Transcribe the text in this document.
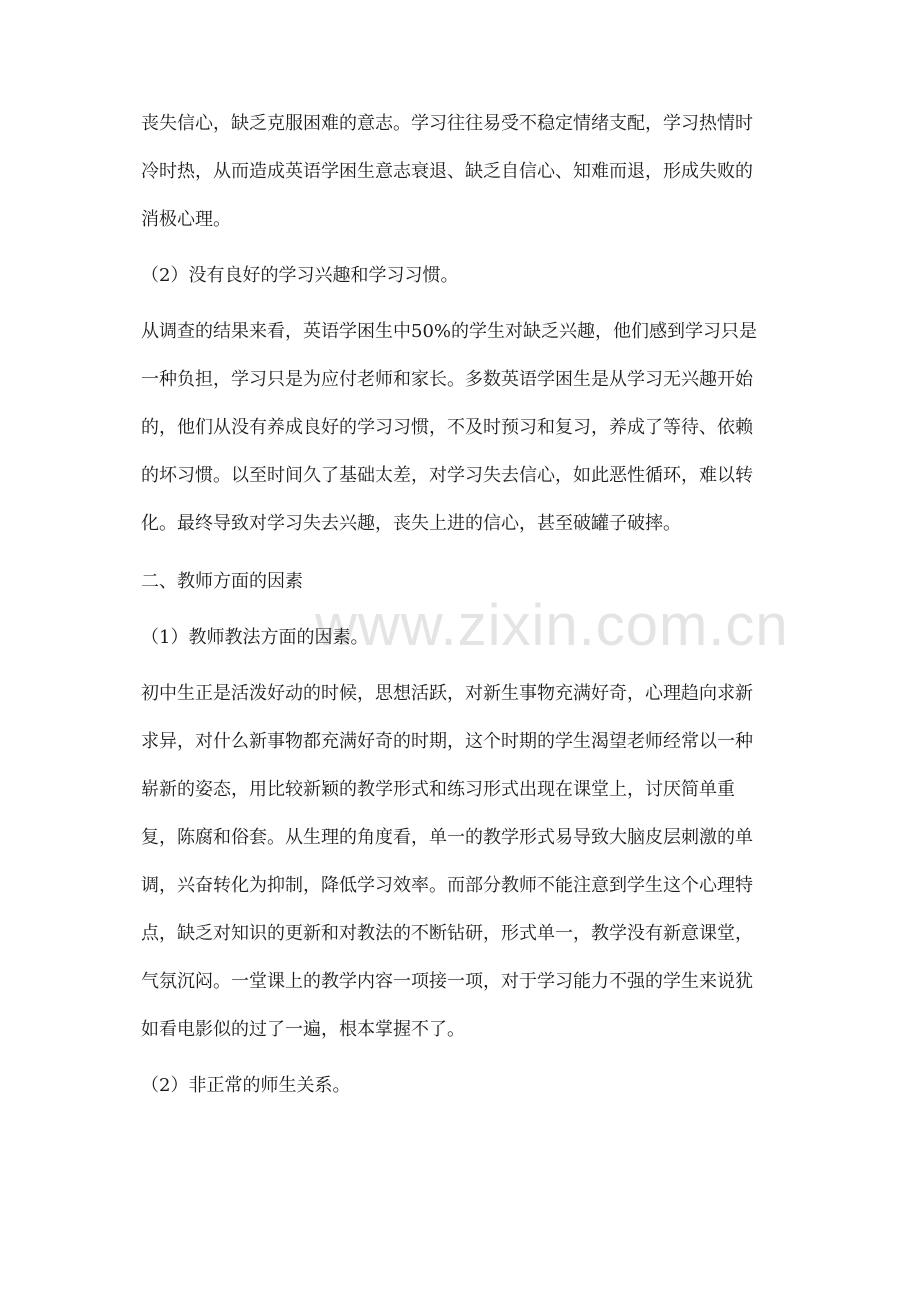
www.zixin.com.cn
丧失信心，缺乏克服困难的意志。学习往往易受不稳定情绪支配，学习热情时
冷时热，从而造成英语学困生意志衰退、缺乏自信心、知难而退，形成失败的
消极心理。
（2）没有良好的学习兴趣和学习习惯。
从调查的结果来看，英语学困生中50%的学生对缺乏兴趣，他们感到学习只是
一种负担，学习只是为应付老师和家长。多数英语学困生是从学习无兴趣开始
的，他们从没有养成良好的学习习惯，不及时预习和复习，养成了等待、依赖
的坏习惯。以至时间久了基础太差，对学习失去信心，如此恶性循环，难以转
化。最终导致对学习失去兴趣，丧失上进的信心，甚至破罐子破摔。
二、教师方面的因素
（1）教师教法方面的因素。
初中生正是活泼好动的时候，思想活跃，对新生事物充满好奇，心理趋向求新
求异，对什么新事物都充满好奇的时期，这个时期的学生渴望老师经常以一种
崭新的姿态，用比较新颖的教学形式和练习形式出现在课堂上，讨厌简单重
复，陈腐和俗套。从生理的角度看，单一的教学形式易导致大脑皮层刺激的单
调，兴奋转化为抑制，降低学习效率。而部分教师不能注意到学生这个心理特
点，缺乏对知识的更新和对教法的不断钻研，形式单一，教学没有新意课堂，
气氛沉闷。一堂课上的教学内容一项接一项，对于学习能力不强的学生来说犹
如看电影似的过了一遍，根本掌握不了。
（2）非正常的师生关系。
